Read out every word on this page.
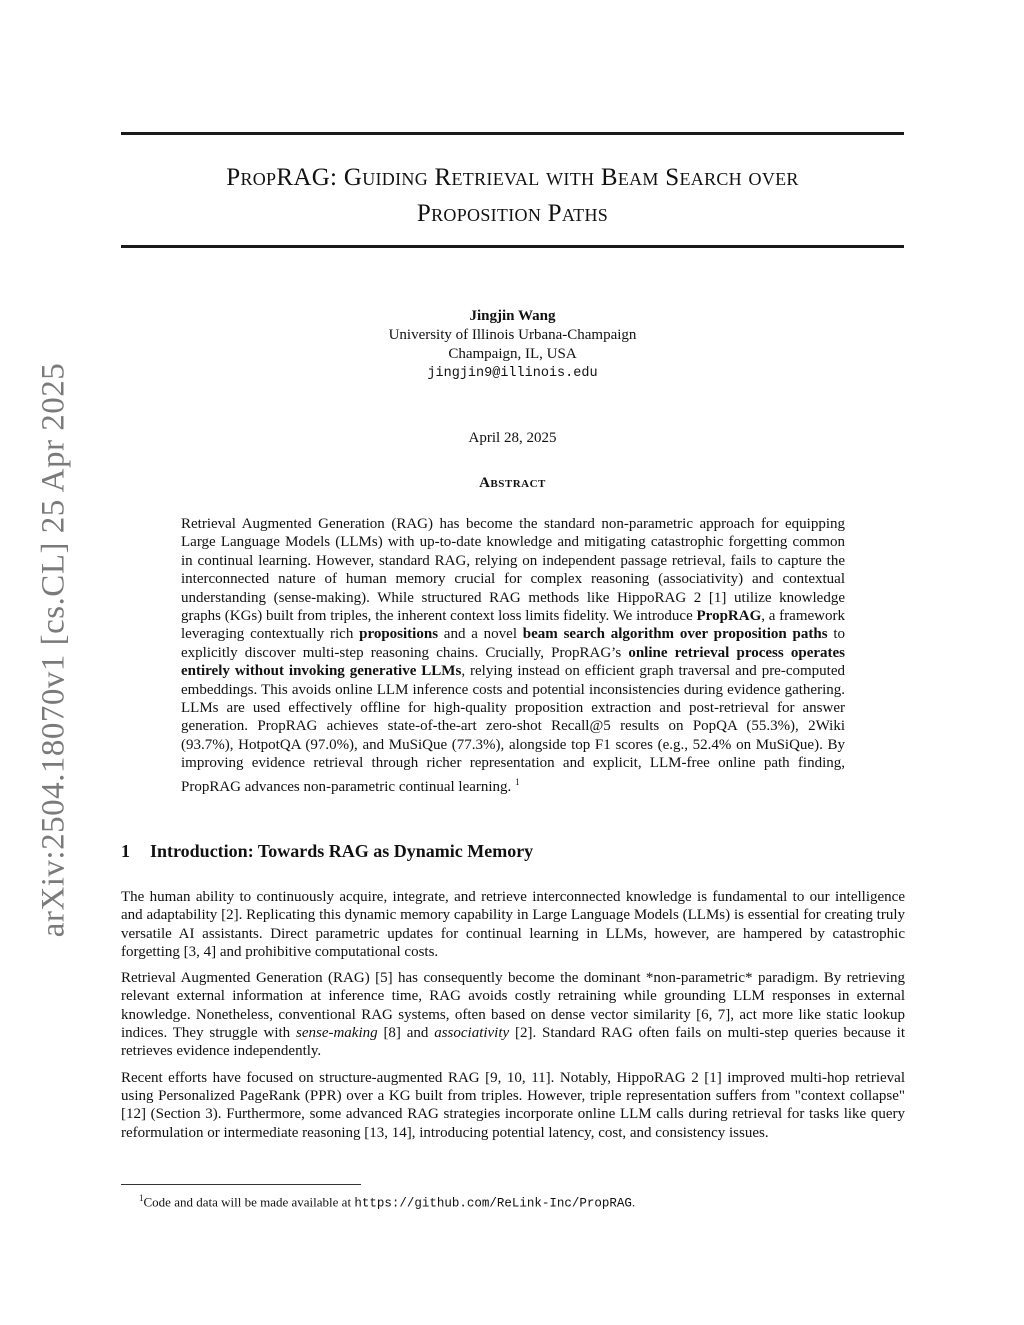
arXiv:2504.18070v1 [cs.CL] 25 Apr 2025
PropRAG: Guiding Retrieval with Beam Search over
Proposition Paths
Jingjin Wang
University of Illinois Urbana-Champaign
Champaign, IL, USA
jingjin9@illinois.edu
April 28, 2025
Abstract
Retrieval Augmented Generation (RAG) has become the standard non-parametric approach for equipping Large Language Models (LLMs) with up-to-date knowledge and mitigating catastrophic forgetting common in continual learning. However, standard RAG, relying on independent passage retrieval, fails to capture the interconnected nature of human memory crucial for complex reasoning (associativity) and contextual understanding (sense-making). While structured RAG methods like HippoRAG 2 [1] utilize knowledge graphs (KGs) built from triples, the inherent context loss limits fidelity. We introduce PropRAG, a framework leveraging contextually rich propositions and a novel beam search algorithm over proposition paths to explicitly discover multi-step reasoning chains. Crucially, PropRAG’s online retrieval process operates entirely without invoking generative LLMs, relying instead on efficient graph traversal and pre-computed embeddings. This avoids online LLM inference costs and potential inconsistencies during evidence gathering. LLMs are used effectively offline for high-quality proposition extraction and post-retrieval for answer generation. PropRAG achieves state-of-the-art zero-shot Recall@5 results on PopQA (55.3%), 2Wiki (93.7%), HotpotQA (97.0%), and MuSiQue (77.3%), alongside top F1 scores (e.g., 52.4% on MuSiQue). By improving evidence retrieval through richer representation and explicit, LLM-free online path finding, PropRAG advances non-parametric continual learning. $^1$
1 Introduction: Towards RAG as Dynamic Memory

The human ability to continuously acquire, integrate, and retrieve interconnected knowledge is fundamental to our intelligence and adaptability [2]. Replicating this dynamic memory capability in Large Language Models (LLMs) is essential for creating truly versatile AI assistants. Direct parametric updates for continual learning in LLMs, however, are hampered by catastrophic forgetting [3, 4] and prohibitive computational costs.

Retrieval Augmented Generation (RAG) [5] has consequently become the dominant *non-parametric* paradigm. By retrieving relevant external information at inference time, RAG avoids costly retraining while grounding LLM responses in external knowledge. Nonetheless, conventional RAG systems, often based on dense vector similarity [6, 7], act more like static lookup indices. They struggle with sense-making [8] and associativity [2]. Standard RAG often fails on multi-step queries because it retrieves evidence independently.

Recent efforts have focused on structure-augmented RAG [9, 10, 11]. Notably, HippoRAG 2 [1] improved multi-hop retrieval using Personalized PageRank (PPR) over a KG built from triples. However, triple representation suffers from "context collapse" [12] (Section 3). Furthermore, some advanced RAG strategies incorporate online LLM calls during retrieval for tasks like query reformulation or intermediate reasoning [13, 14], introducing potential latency, cost, and consistency issues.

$^1$Code and data will be made available at https://github.com/ReLink-Inc/PropRAG.
